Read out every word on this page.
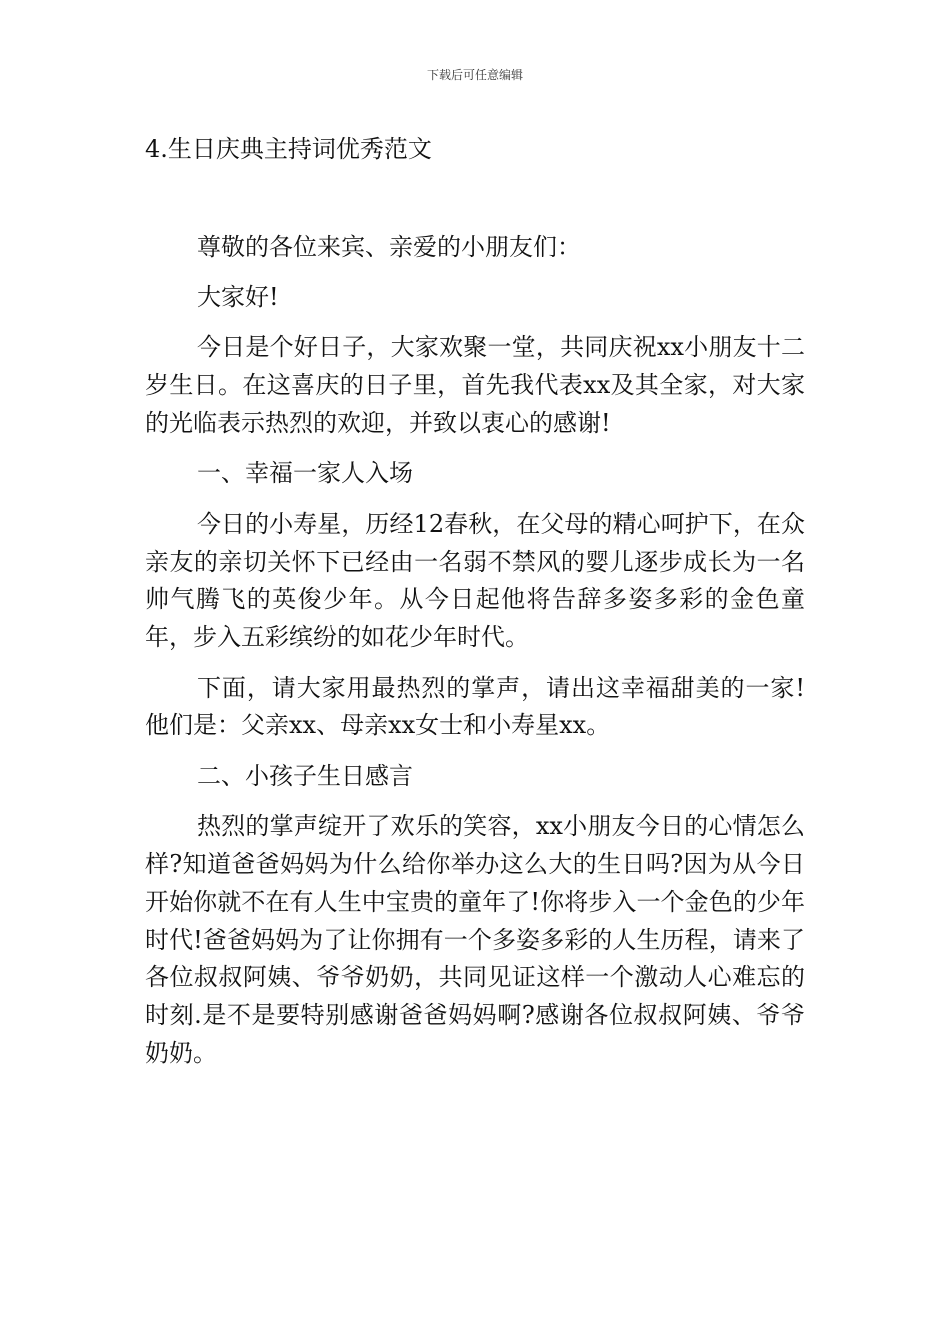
下载后可任意编辑
4.生日庆典主持词优秀范文

尊敬的各位来宾、亲爱的小朋友们：

大家好!

今日是个好日子，大家欢聚一堂，共同庆祝xx小朋友十二岁生日。在这喜庆的日子里，首先我代表xx及其全家，对大家的光临表示热烈的欢迎，并致以衷心的感谢!

一、幸福一家人入场

今日的小寿星，历经12春秋，在父母的精心呵护下，在众亲友的亲切关怀下已经由一名弱不禁风的婴儿逐步成长为一名帅气腾飞的英俊少年。从今日起他将告辞多姿多彩的金色童年，步入五彩缤纷的如花少年时代。

下面，请大家用最热烈的掌声，请出这幸福甜美的一家!他们是：父亲xx、母亲xx女士和小寿星xx。

二、小孩子生日感言

热烈的掌声绽开了欢乐的笑容，xx小朋友今日的心情怎么样?知道爸爸妈妈为什么给你举办这么大的生日吗?因为从今日开始你就不在有人生中宝贵的童年了!你将步入一个金色的少年时代!爸爸妈妈为了让你拥有一个多姿多彩的人生历程，请来了各位叔叔阿姨、爷爷奶奶，共同见证这样一个激动人心难忘的时刻.是不是要特别感谢爸爸妈妈啊?感谢各位叔叔阿姨、爷爷奶奶。
